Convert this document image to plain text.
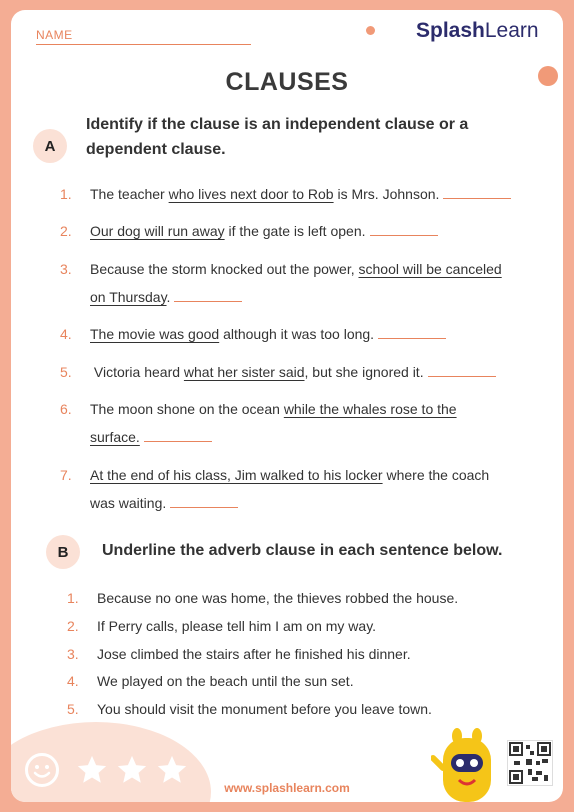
NAME	SplashLearn
CLAUSES
A
Identify if the clause is an independent clause or a
dependent clause.
1. The teacher who lives next door to Rob is Mrs. Johnson.
2. Our dog will run away if the gate is left open.
3. Because the storm knocked out the power, school will be canceled
on Thursday.
4. The movie was good although it was too long.
5. Victoria heard what her sister said, but she ignored it.
6. The moon shone on the ocean while the whales rose to the
surface.
7. At the end of his class, Jim walked to his locker where the coach
was waiting.
B	Underline the adverb clause in each sentence below.
1. Because no one was home, the thieves robbed the house.
2. If Perry calls, please tell him I am on my way.
3. Jose climbed the stairs after he finished his dinner.
4. We played on the beach until the sun set.
5. You should visit the monument before you leave town.
www.splashlearn.com
